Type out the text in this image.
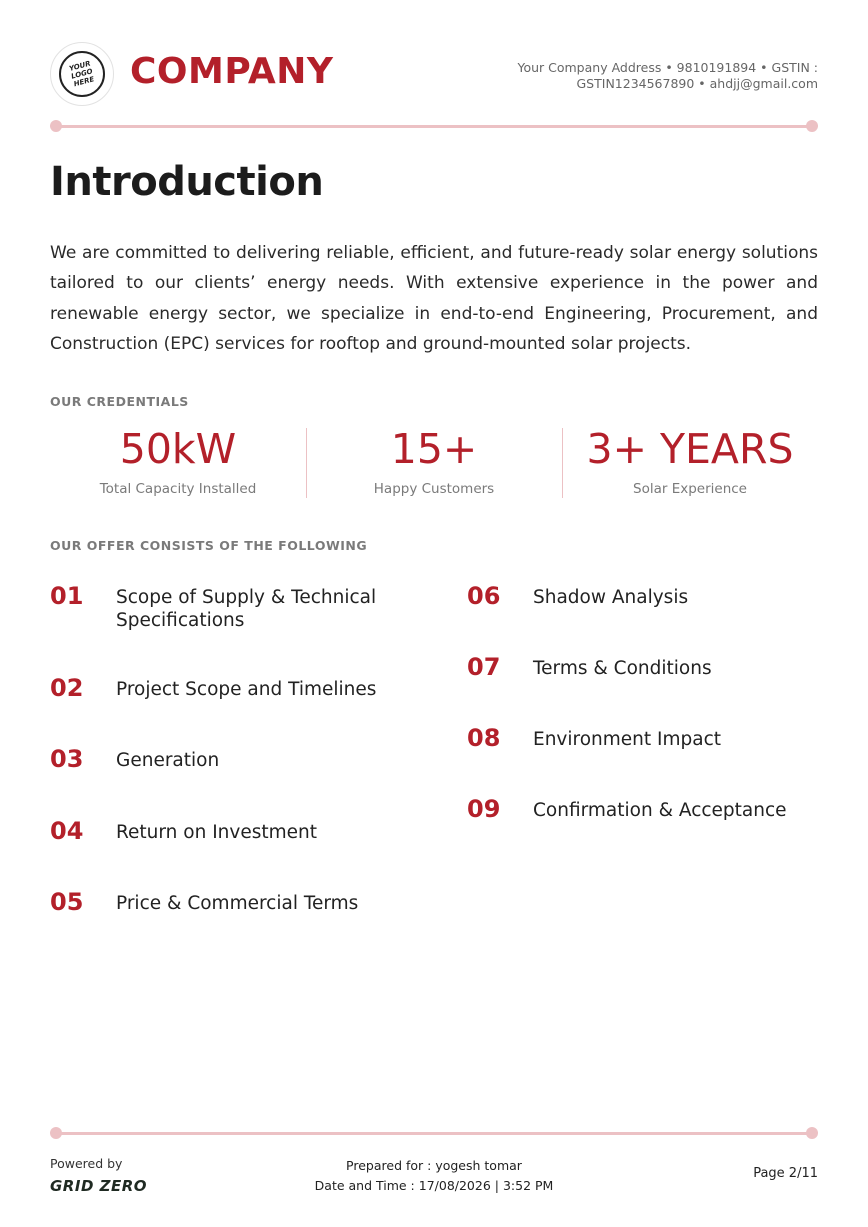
YOUR
LOGO
HERE COMPANY	Your Company Address • 9810191894 • GSTIN :
GSTIN1234567890 • ahdjj@gmail.com
Introduction
We are committed to delivering reliable, efficient, and future-ready solar energy solutions tailored to our clients’ energy needs. With extensive experience in the power and renewable energy sector, we specialize in end-to-end Engineering, Procurement, and Construction (EPC) services for rooftop and ground-mounted solar projects.
OUR CREDENTIALS
50kW
Total Capacity Installed
15+
Happy Customers
3+ YEARS
Solar Experience
OUR OFFER CONSISTS OF THE FOLLOWING
01 Scope of Supply & Technical Specifications
02 Project Scope and Timelines
03 Generation
04 Return on Investment
05 Price & Commercial Terms
06 Shadow Analysis
07 Terms & Conditions
08 Environment Impact
09 Confirmation & Acceptance
Powered by
GRID ZERO
Prepared for : yogesh tomar
Date and Time : 17/08/2026 | 3:52 PM
Page 2/11
